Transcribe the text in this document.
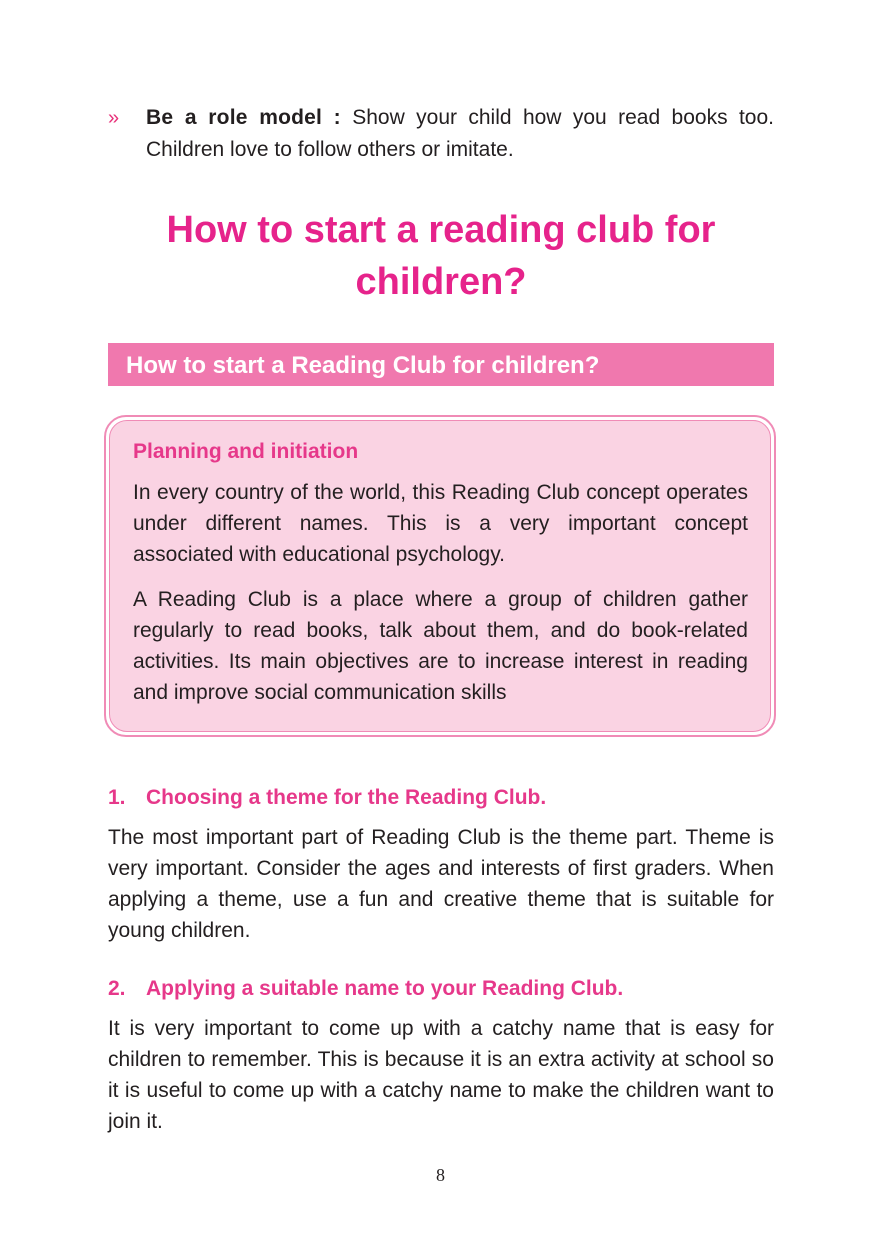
» Be a role model : Show your child how you read books too. Children love to follow others or imitate.
How to start a reading club for children?
How to start a Reading Club for children?

Planning and initiation

In every country of the world, this Reading Club concept operates under different names. This is a very important concept associated with educational psychology.

A Reading Club is a place where a group of children gather regularly to read books, talk about them, and do book-related activities. Its main objectives are to increase interest in reading and improve social communication skills

1. Choosing a theme for the Reading Club.

The most important part of Reading Club is the theme part. Theme is very important. Consider the ages and interests of first graders. When applying a theme, use a fun and creative theme that is suitable for young children.

2. Applying a suitable name to your Reading Club.

It is very important to come up with a catchy name that is easy for children to remember. This is because it is an extra activity at school so it is useful to come up with a catchy name to make the children want to join it.

8
